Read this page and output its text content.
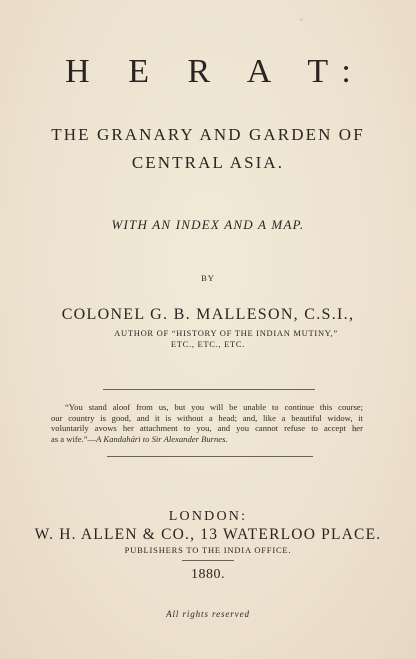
H E R A T:
THE GRANARY AND GARDEN OF
CENTRAL ASIA.
WITH AN INDEX AND A MAP.
BY
COLONEL G. B. MALLESON, C.S.I.,
AUTHOR OF “HISTORY OF THE INDIAN MUTINY,”
ETC., ETC., ETC.
“You stand aloof from us, but you will be unable to continue this course;
our country is good, and it is without a head; and, like a beautiful widow, it
voluntarily avows her attachment to you, and you cannot refuse to accept her
as a wife.”—A Kandahári to Sir Alexander Burnes.
LONDON:
W. H. ALLEN & CO., 13 WATERLOO PLACE.
PUBLISHERS TO THE INDIA OFFICE.
1880.
All rights reserved
